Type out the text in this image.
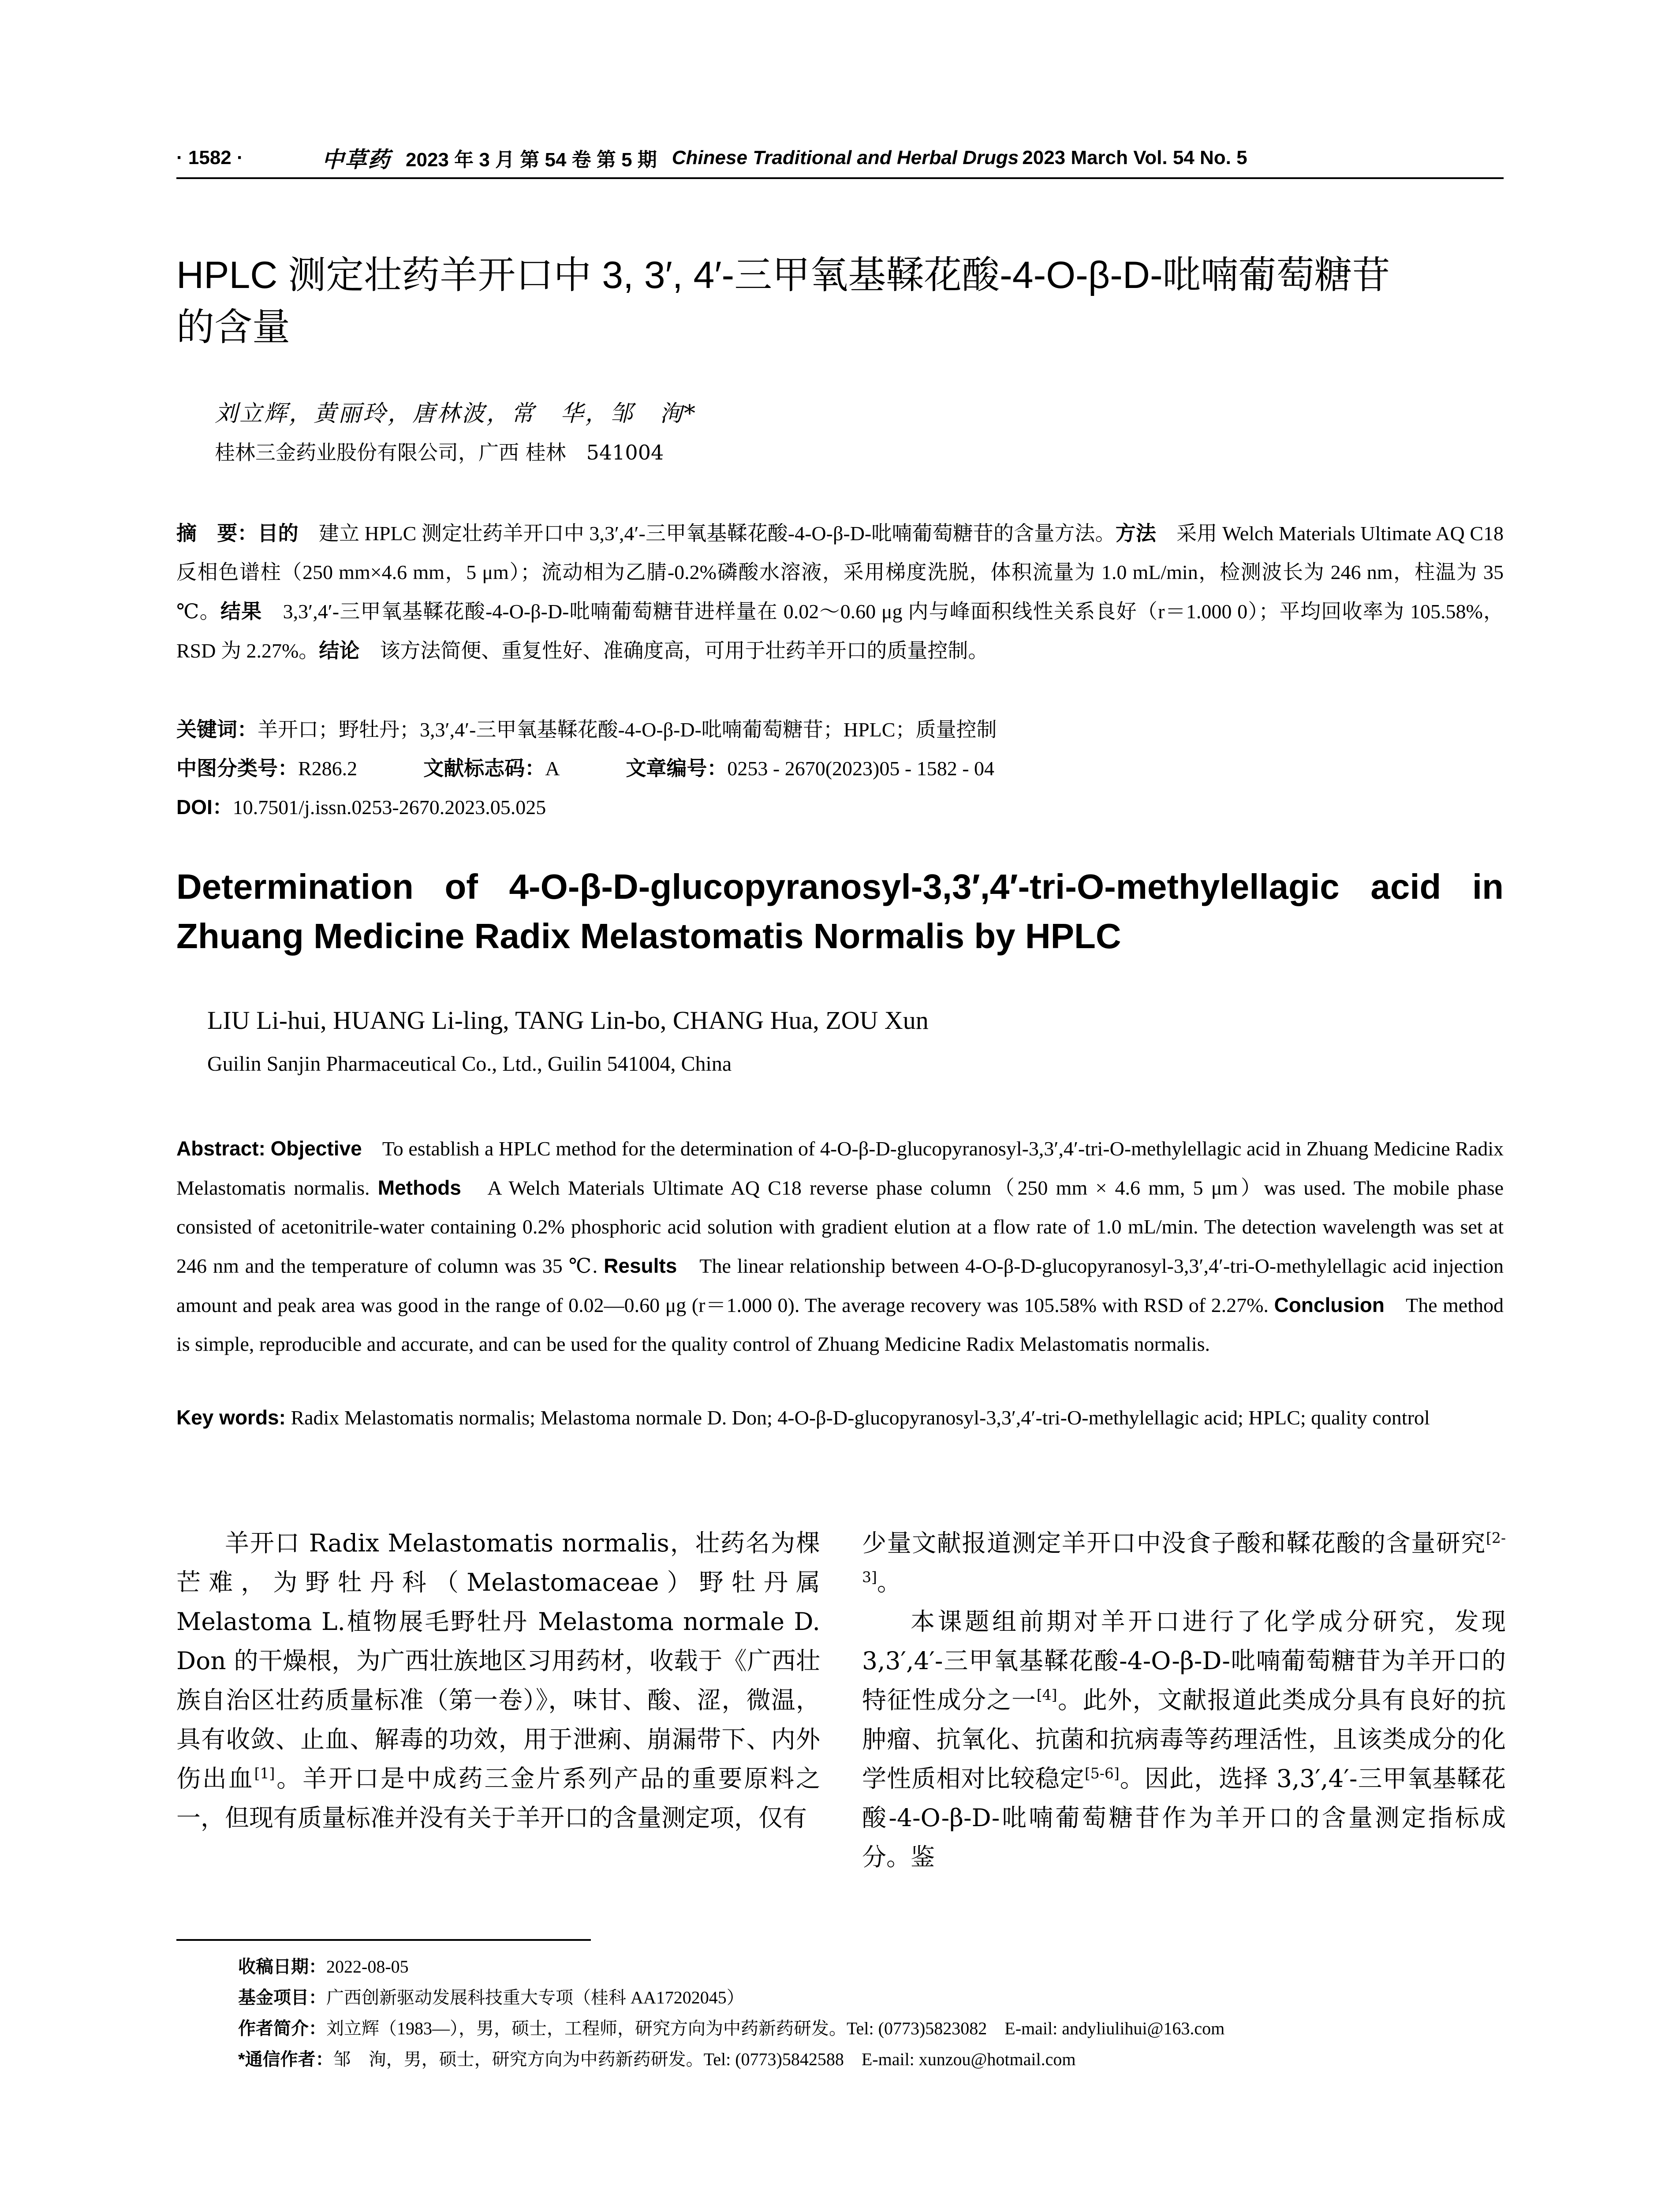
· 1582 ·	中草药 2023 年 3 月 第 54 卷 第 5 期 Chinese Traditional and Herbal Drugs 2023 March Vol. 54 No. 5
HPLC 测定壮药羊开口中 3, 3′, 4′-三甲氧基鞣花酸-4-O-β-D-吡喃葡萄糖苷
的含量
刘立辉，黄丽玲，唐林波，常　华，邹　洵*
桂林三金药业股份有限公司，广西 桂林　541004
摘　要：目的　 建立 HPLC 测定壮药羊开口中 3,3′,4′-三甲氧基鞣花酸-4-O-β-D-吡喃葡萄糖苷的含量方法。方法　 采用 Welch Materials Ultimate AQ C18 反相色谱柱（250 mm×4.6 mm，5 μm）；流动相为乙腈-0.2%磷酸水溶液，采用梯度洗脱，体积流量为 1.0 mL/min，检测波长为 246 nm，柱温为 35 ℃。结果　 3,3′,4′-三甲氧基鞣花酸-4-O-β-D-吡喃葡萄糖苷进样量在 0.02～0.60 μg 内与峰面积线性关系良好（r＝1.000 0）；平均回收率为 105.58%，RSD 为 2.27%。结论　 该方法简便、重复性好、准确度高，可用于壮药羊开口的质量控制。
关键词：羊开口；野牡丹；3,3′,4′-三甲氧基鞣花酸-4-O-β-D-吡喃葡萄糖苷；HPLC；质量控制
中图分类号：R286.2	文献标志码：A	文章编号：0253 - 2670(2023)05 - 1582 - 04
DOI：10.7501/j.issn.0253-2670.2023.05.025
Determination of 4-O-β-D-glucopyranosyl-3,3′,4′-tri-O-methylellagic acid in
Zhuang Medicine Radix Melastomatis Normalis by HPLC
LIU Li-hui, HUANG Li-ling, TANG Lin-bo, CHANG Hua, ZOU Xun
Guilin Sanjin Pharmaceutical Co., Ltd., Guilin 541004, China
Abstract: Objective　 To establish a HPLC method for the determination of 4-O-β-D-glucopyranosyl-3,3′,4′-tri-O-methylellagic acid in Zhuang Medicine Radix Melastomatis normalis. Methods　 A Welch Materials Ultimate AQ C18 reverse phase column（250 mm × 4.6 mm, 5 μm）was used. The mobile phase consisted of acetonitrile-water containing 0.2% phosphoric acid solution with gradient elution at a flow rate of 1.0 mL/min. The detection wavelength was set at 246 nm and the temperature of column was 35 ℃. Results　 The linear relationship between 4-O-β-D-glucopyranosyl-3,3′,4′-tri-O-methylellagic acid injection amount and peak area was good in the range of 0.02—0.60 μg (r＝1.000 0). The average recovery was 105.58% with RSD of 2.27%. Conclusion　 The method is simple, reproducible and accurate, and can be used for the quality control of Zhuang Medicine Radix Melastomatis normalis.
Key words: Radix Melastomatis normalis; Melastoma normale D. Don; 4-O-β-D-glucopyranosyl-3,3′,4′-tri-O-methylellagic acid; HPLC; quality control

羊开口 Radix Melastomatis normalis，壮药名为棵芒难，为野牡丹科（Melastomaceae）野牡丹属 Melastoma L.植物展毛野牡丹 Melastoma normale D. Don 的干燥根，为广西壮族地区习用药材，收载于《广西壮族自治区壮药质量标准（第一卷）》，味甘、酸、涩，微温，具有收敛、止血、解毒的功效，用于泄痢、崩漏带下、内外伤出血[1]。羊开口是中成药三金片系列产品的重要原料之一，但现有质量标准并没有关于羊开口的含量测定项，仅有

少量文献报道测定羊开口中没食子酸和鞣花酸的含量研究[2-3]。

本课题组前期对羊开口进行了化学成分研究，发现 3,3′,4′-三甲氧基鞣花酸-4-O-β-D-吡喃葡萄糖苷为羊开口的特征性成分之一[4]。此外，文献报道此类成分具有良好的抗肿瘤、抗氧化、抗菌和抗病毒等药理活性，且该类成分的化学性质相对比较稳定[5-6]。因此，选择 3,3′,4′-三甲氧基鞣花酸-4-O-β-D-吡喃葡萄糖苷作为羊开口的含量测定指标成分。鉴

收稿日期：2022-08-05
基金项目：广西创新驱动发展科技重大专项（桂科 AA17202045）
作者简介：刘立辉（1983—），男，硕士，工程师，研究方向为中药新药研发。Tel: (0773)5823082　E-mail: andyliulihui@163.com
*通信作者：邹　洵，男，硕士，研究方向为中药新药研发。Tel: (0773)5842588　E-mail: xunzou@hotmail.com
